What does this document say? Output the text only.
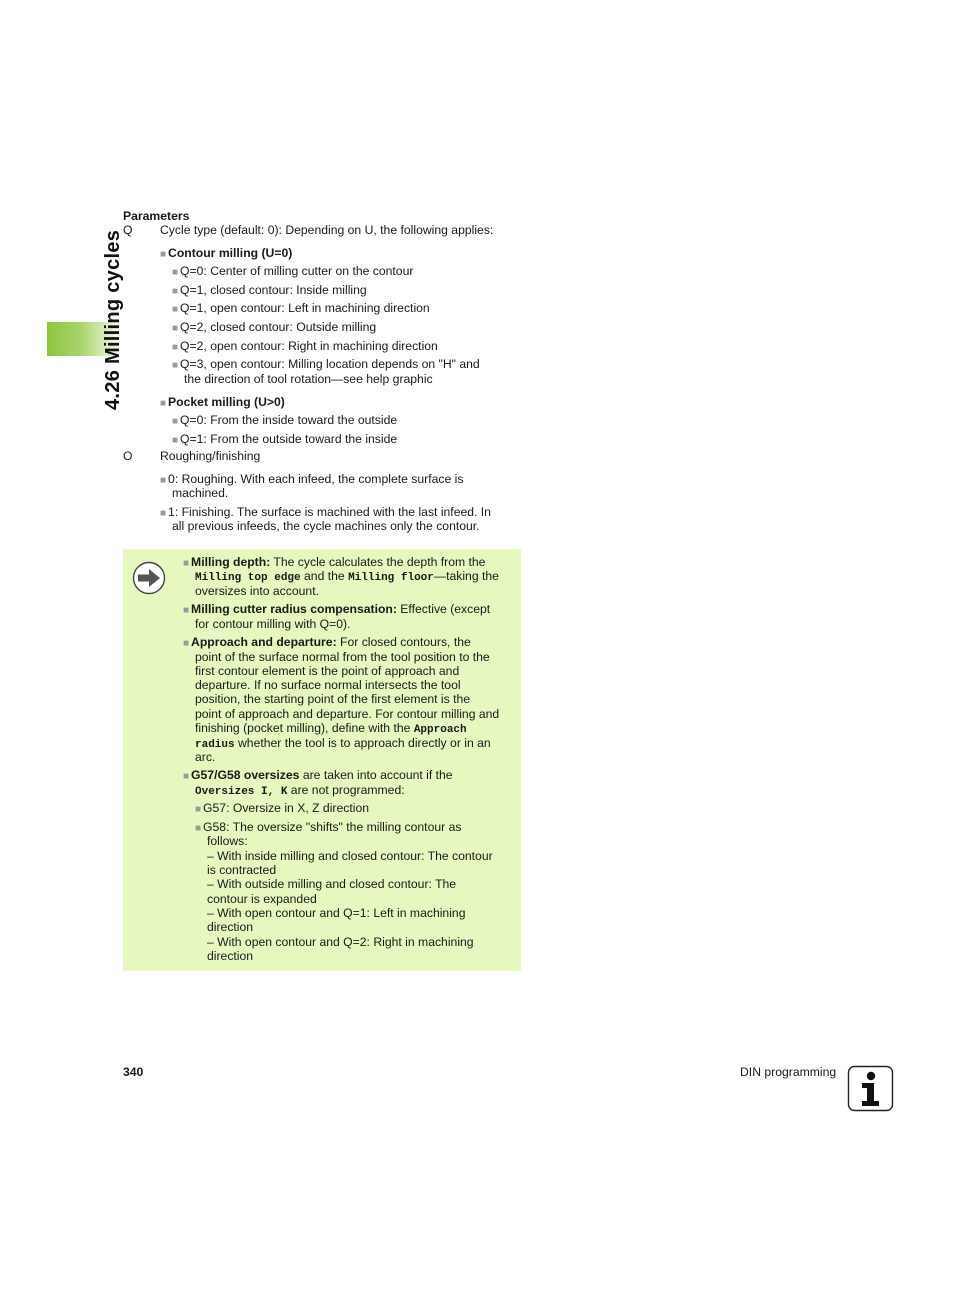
4.26 Milling cycles
Parameters
Q Cycle type (default: 0): Depending on U, the following applies:
■ Contour milling (U=0)
■ Q=0: Center of milling cutter on the contour
■ Q=1, closed contour: Inside milling
■ Q=1, open contour: Left in machining direction
■ Q=2, closed contour: Outside milling
■ Q=2, open contour: Right in machining direction
■ Q=3, open contour: Milling location depends on "H" and
the direction of tool rotation—see help graphic
■ Pocket milling (U>0)
■ Q=0: From the inside toward the outside
■ Q=1: From the outside toward the inside
O Roughing/finishing
■ 0: Roughing. With each infeed, the complete surface is
machined.
■ 1: Finishing. The surface is machined with the last infeed. In
all previous infeeds, the cycle machines only the contour.
■ Milling depth: The cycle calculates the depth from the
Milling top edge and the Milling floor—taking the
oversizes into account.
■ Milling cutter radius compensation: Effective (except
for contour milling with Q=0).
■ Approach and departure: For closed contours, the
point of the surface normal from the tool position to the
first contour element is the point of approach and
departure. If no surface normal intersects the tool
position, the starting point of the first element is the
point of approach and departure. For contour milling and
finishing (pocket milling), define with the Approach
radius whether the tool is to approach directly or in an
arc.
■ G57/G58 oversizes are taken into account if the
Oversizes I, K are not programmed:
■ G57: Oversize in X, Z direction
■ G58: The oversize "shifts" the milling contour as
follows:
– With inside milling and closed contour: The contour
is contracted
– With outside milling and closed contour: The
contour is expanded
– With open contour and Q=1: Left in machining
direction
– With open contour and Q=2: Right in machining
direction
340	DIN programming
